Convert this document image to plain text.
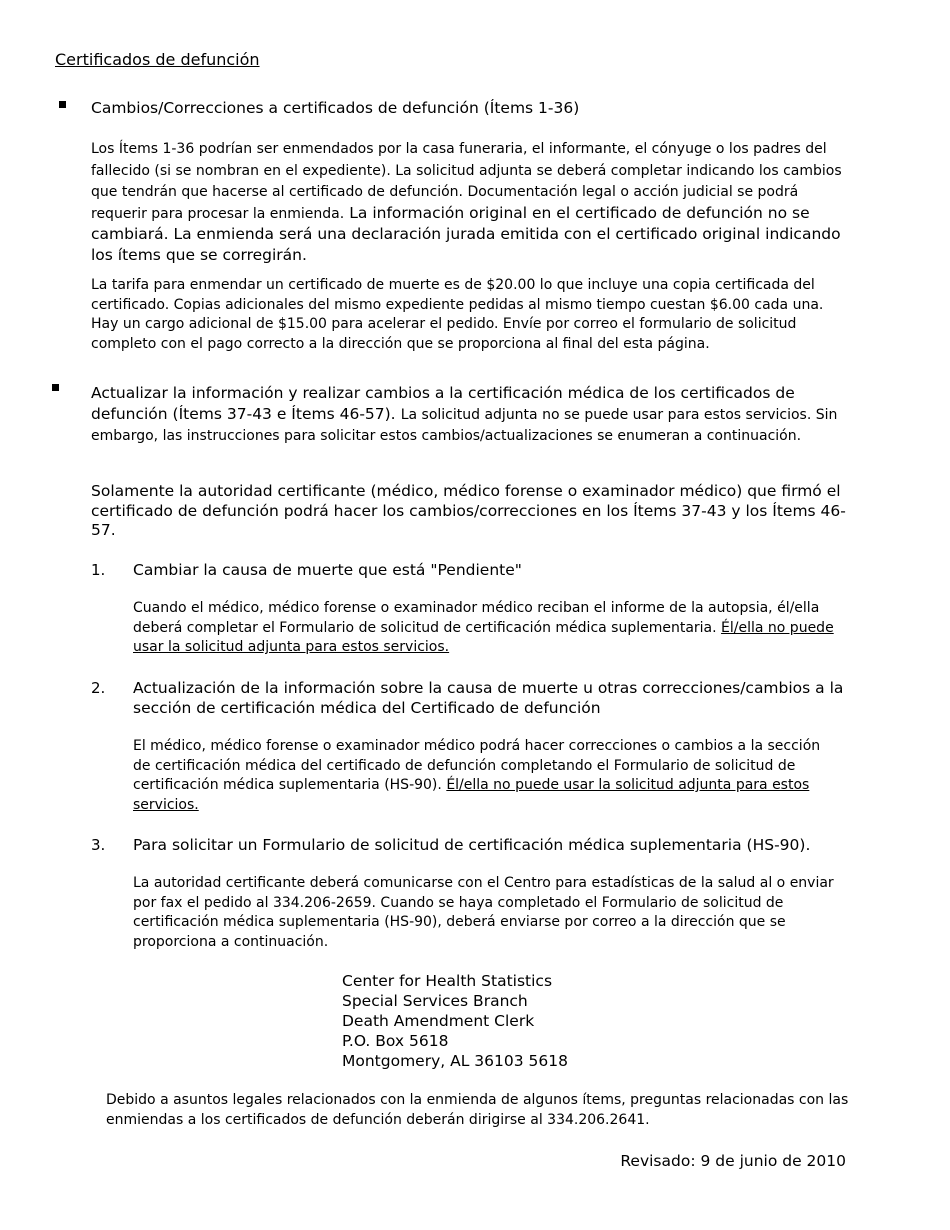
Certificados de defunción
Cambios/Correcciones a certificados de defunción (Ítems 1-36)
Los Ítems 1-36 podrían ser enmendados por la casa funeraria, el informante, el cónyuge o los padres del fallecido (si se nombran en el expediente). La solicitud adjunta se deberá completar indicando los cambios que tendrán que hacerse al certificado de defunción. Documentación legal o acción judicial se podrá requerir para procesar la enmienda. La información original en el certificado de defunción no se cambiará. La enmienda será una declaración jurada emitida con el certificado original indicando los ítems que se corregirán.
La tarifa para enmendar un certificado de muerte es de $20.00 lo que incluye una copia certificada del certificado. Copias adicionales del mismo expediente pedidas al mismo tiempo cuestan $6.00 cada una. Hay un cargo adicional de $15.00 para acelerar el pedido. Envíe por correo el formulario de solicitud completo con el pago correcto a la dirección que se proporciona al final del esta página.
Actualizar la información y realizar cambios a la certificación médica de los certificados de defunción (Ítems 37-43 e Ítems 46-57). La solicitud adjunta no se puede usar para estos servicios. Sin embargo, las instrucciones para solicitar estos cambios/actualizaciones se enumeran a continuación.
Solamente la autoridad certificante (médico, médico forense o examinador médico) que firmó el certificado de defunción podrá hacer los cambios/correcciones en los Ítems 37-43 y los Ítems 46-57.
1. Cambiar la causa de muerte que está "Pendiente"
Cuando el médico, médico forense o examinador médico reciban el informe de la autopsia, él/ella deberá completar el Formulario de solicitud de certificación médica suplementaria. Él/ella no puede usar la solicitud adjunta para estos servicios.
2. Actualización de la información sobre la causa de muerte u otras correcciones/cambios a la sección de certificación médica del Certificado de defunción
El médico, médico forense o examinador médico podrá hacer correcciones o cambios a la sección de certificación médica del certificado de defunción completando el Formulario de solicitud de certificación médica suplementaria (HS-90). Él/ella no puede usar la solicitud adjunta para estos servicios.
3. Para solicitar un Formulario de solicitud de certificación médica suplementaria (HS-90).
La autoridad certificante deberá comunicarse con el Centro para estadísticas de la salud al o enviar por fax el pedido al 334.206-2659. Cuando se haya completado el Formulario de solicitud de certificación médica suplementaria (HS-90), deberá enviarse por correo a la dirección que se proporciona a continuación.
Center for Health Statistics
Special Services Branch
Death Amendment Clerk
P.O. Box 5618
Montgomery, AL 36103 5618
Debido a asuntos legales relacionados con la enmienda de algunos ítems, preguntas relacionadas con las enmiendas a los certificados de defunción deberán dirigirse al 334.206.2641.
Revisado: 9 de junio de 2010
